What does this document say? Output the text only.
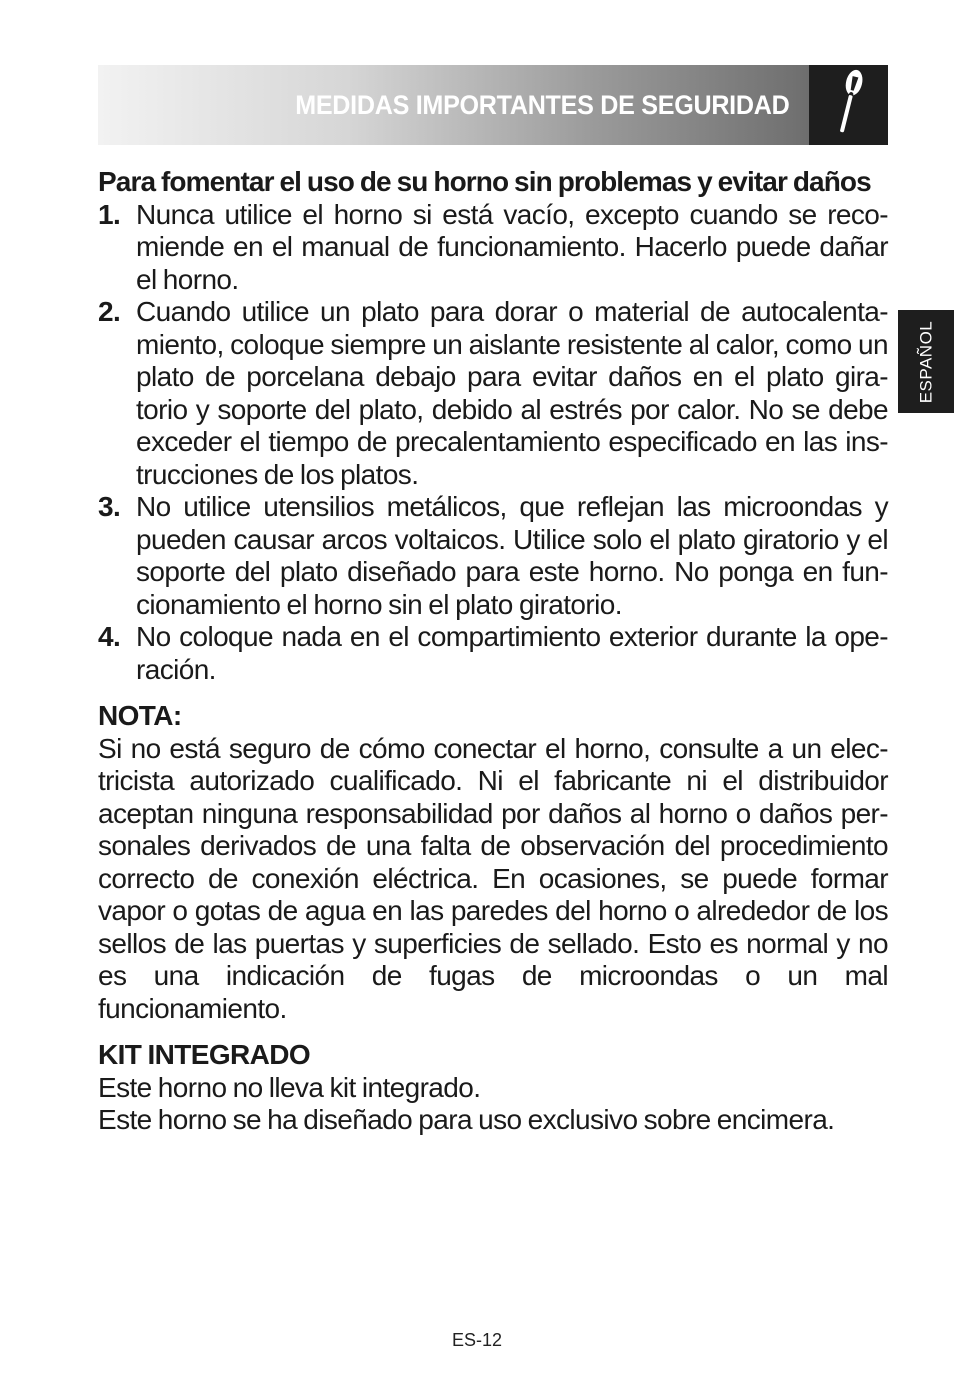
MEDIDAS IMPORTANTES DE SEGURIDAD
ESPAÑOL

Para fomentar el uso de su horno sin problemas y evitar daños

1. Nunca utilice el horno si está vacío, excepto cuando se reco-miende en el manual de funcionamiento. Hacerlo puede dañar el horno.
2. Cuando utilice un plato para dorar o material de autocalenta-miento, coloque siempre un aislante resistente al calor, como un plato de porcelana debajo para evitar daños en el plato gira-torio y soporte del plato, debido al estrés por calor. No se debe exceder el tiempo de precalentamiento especificado en las ins-trucciones de los platos.
3. No utilice utensilios metálicos, que reflejan las microondas y pueden causar arcos voltaicos. Utilice solo el plato giratorio y el soporte del plato diseñado para este horno. No ponga en fun-cionamiento el horno sin el plato giratorio.
4. No coloque nada en el compartimiento exterior durante la ope-ración.
NOTA:

Si no está seguro de cómo conectar el horno, consulte a un elec-tricista autorizado cualificado. Ni el fabricante ni el distribuidor aceptan ninguna responsabilidad por daños al horno o daños per-sonales derivados de una falta de observación del procedimiento correcto de conexión eléctrica. En ocasiones, se puede formar vapor o gotas de agua en las paredes del horno o alrededor de los sellos de las puertas y superficies de sellado. Esto es normal y no es una indicación de fugas de microondas o un mal funcionamiento.

KIT INTEGRADO
Este horno no lleva kit integrado.
Este horno se ha diseñado para uso exclusivo sobre encimera.
ES-12
